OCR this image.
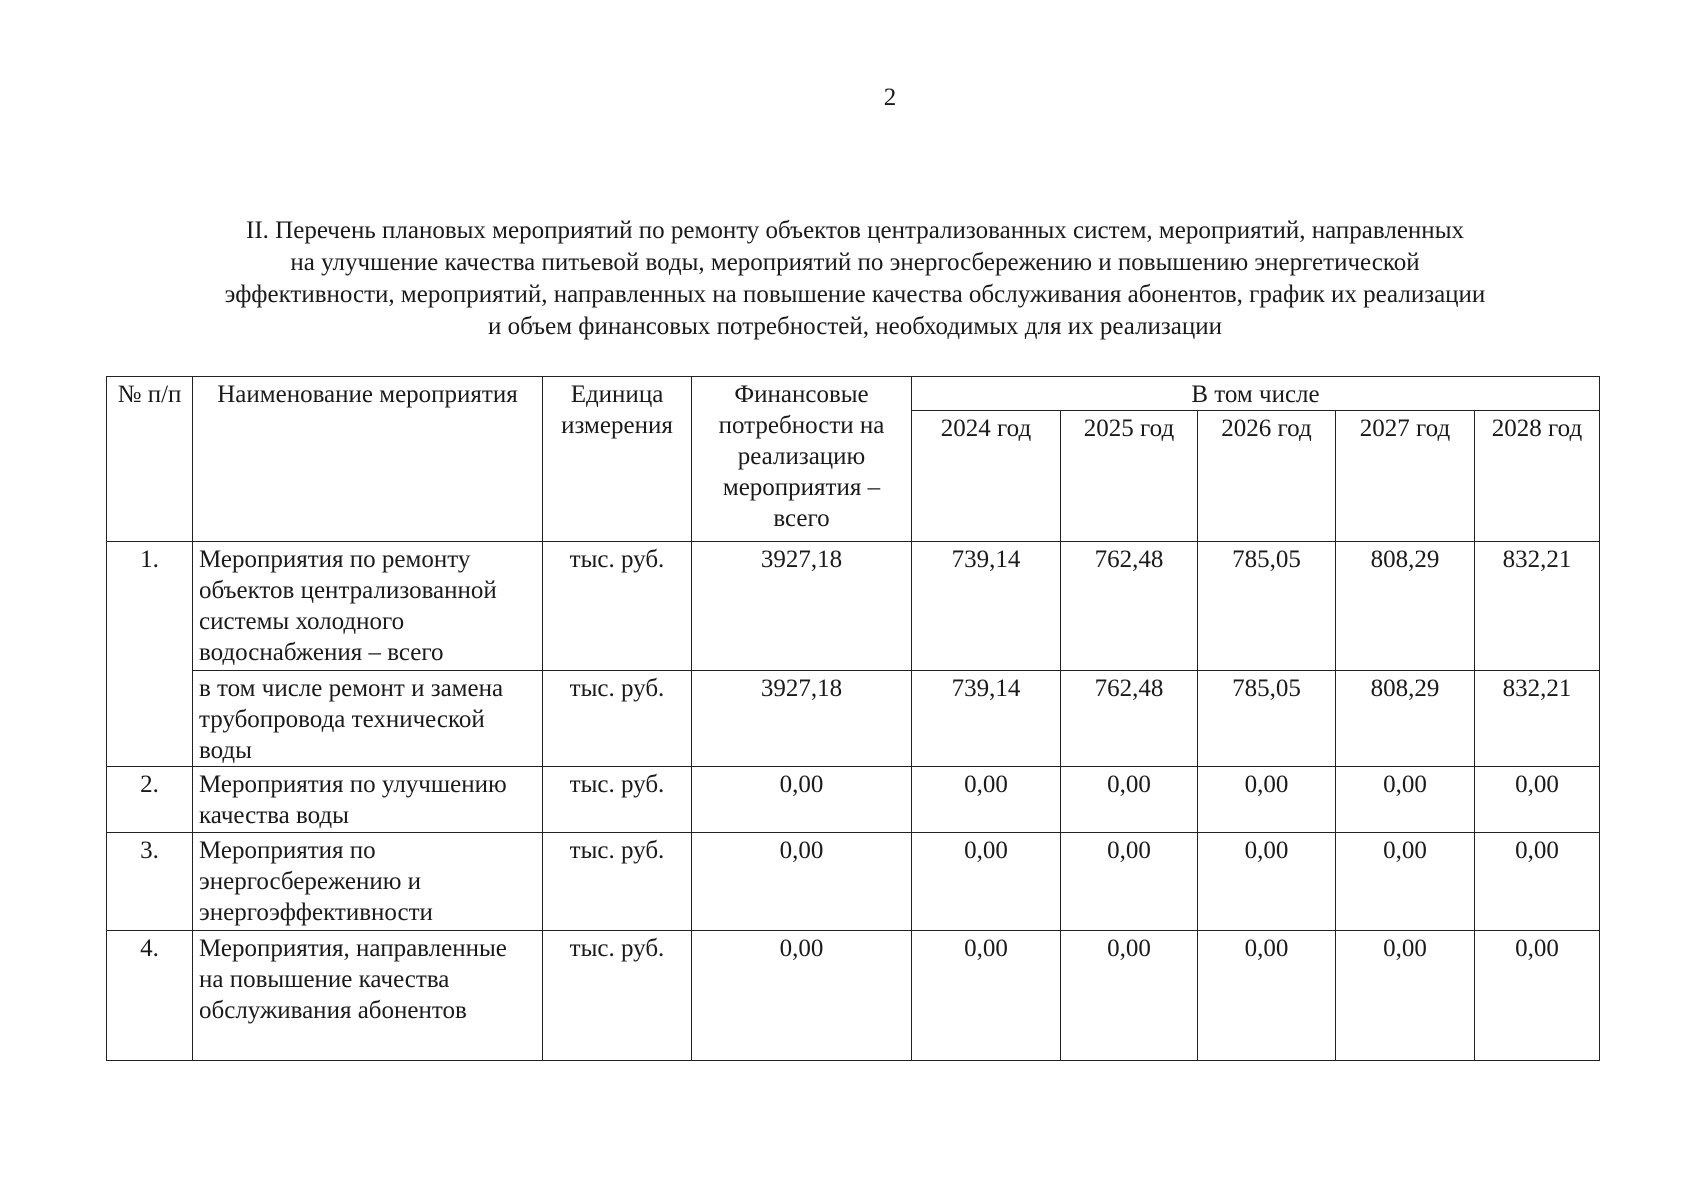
2
II. Перечень плановых мероприятий по ремонту объектов централизованных систем, мероприятий, направленных
на улучшение качества питьевой воды, мероприятий по энергосбережению и повышению энергетической
эффективности, мероприятий, направленных на повышение качества обслуживания абонентов, график их реализации
и объем финансовых потребностей, необходимых для их реализации
№ п/п	Наименование мероприятия	Единица измерения	Финансовые потребности на реализацию мероприятия – всего	В том числе				
				2024 год	2025 год	2026 год	2027 год	2028 год
1.	Мероприятия по ремонту объектов централизованной системы холодного водоснабжения – всего	тыс. руб.	3927,18	739,14	762,48	785,05	808,29	832,21
	в том числе ремонт и замена трубопровода технической воды	тыс. руб.	3927,18	739,14	762,48	785,05	808,29	832,21
2.	Мероприятия по улучшению качества воды	тыс. руб.	0,00	0,00	0,00	0,00	0,00	0,00
3.	Мероприятия по энергосбережению и энергоэффективности	тыс. руб.	0,00	0,00	0,00	0,00	0,00	0,00
4.	Мероприятия, направленные на повышение качества обслуживания абонентов	тыс. руб.	0,00	0,00	0,00	0,00	0,00	0,00
